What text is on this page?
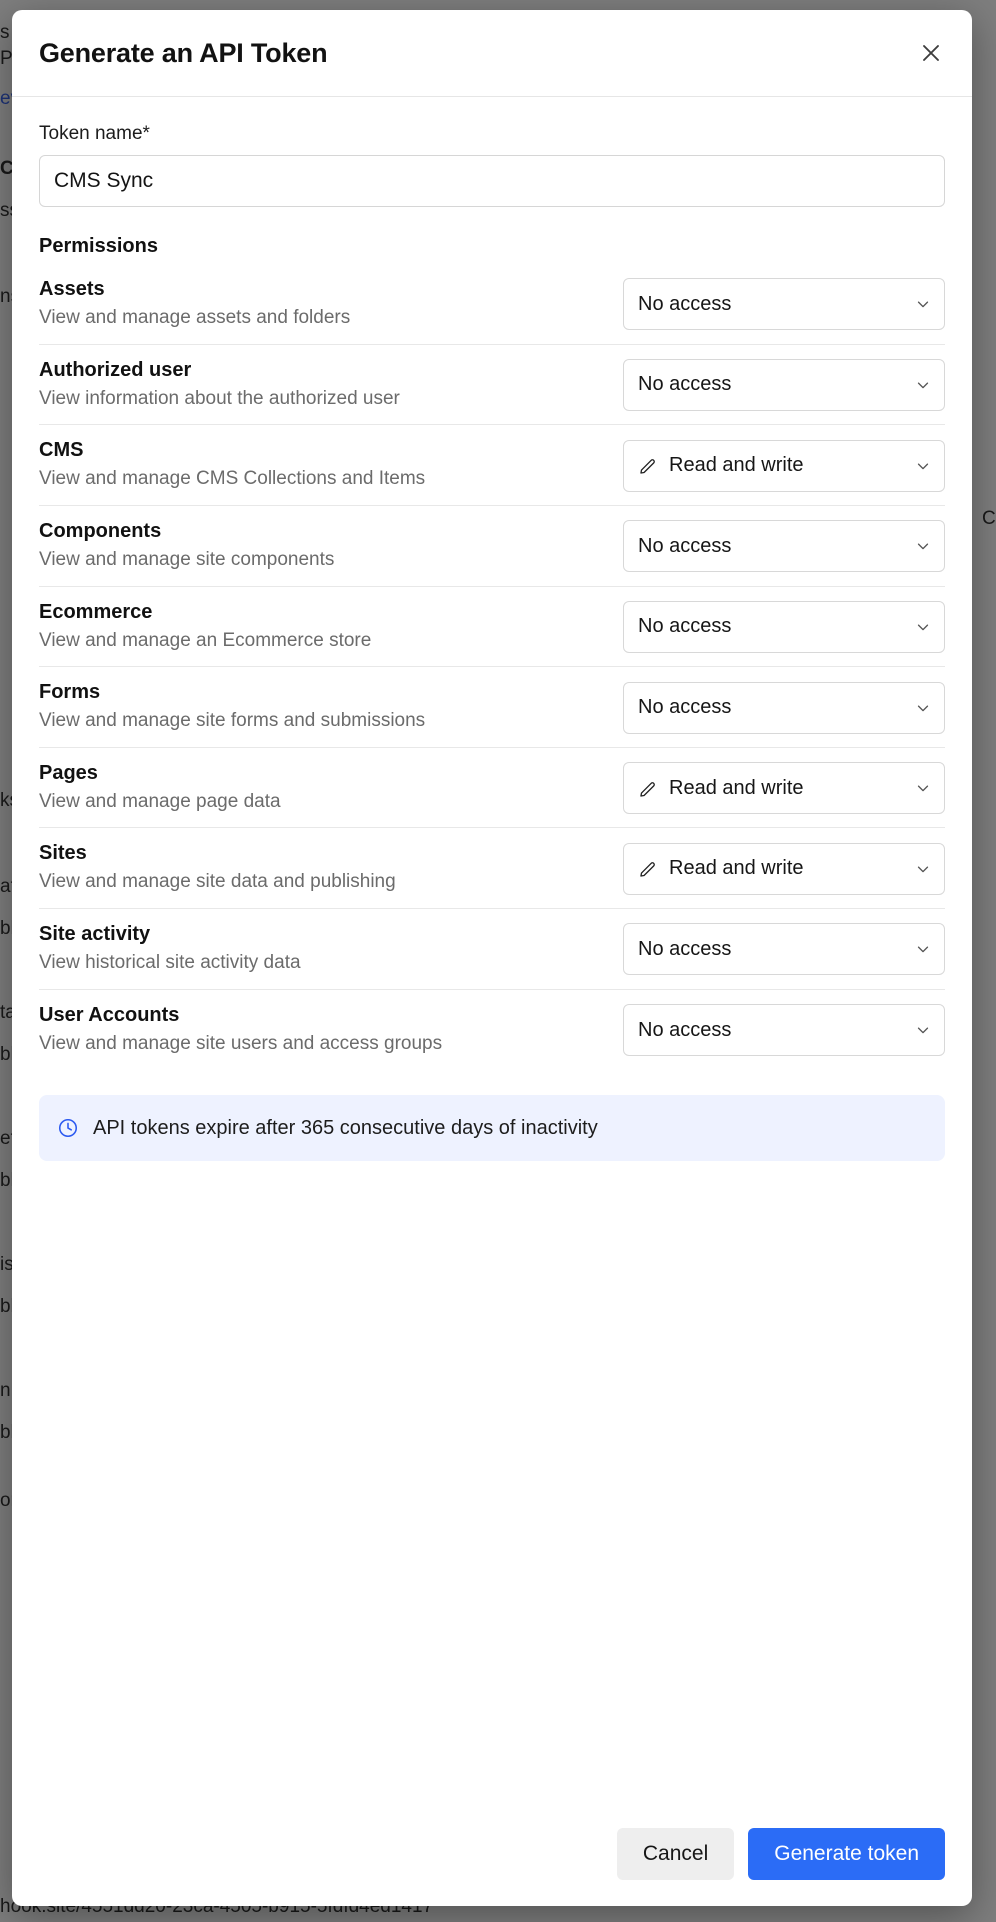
Generate an API Token
Token name*
CMS Sync
Permissions
Assets
View and manage assets and folders
No access
Authorized user
View information about the authorized user
No access
CMS
View and manage CMS Collections and Items
Read and write
Components
View and manage site components
No access
Ecommerce
View and manage an Ecommerce store
No access
Forms
View and manage site forms and submissions
No access
Pages
View and manage page data
Read and write
Sites
View and manage site data and publishing
Read and write
Site activity
View historical site activity data
No access
User Accounts
View and manage site users and access groups
No access
API tokens expire after 365 consecutive days of inactivity
Cancel	Generate token
